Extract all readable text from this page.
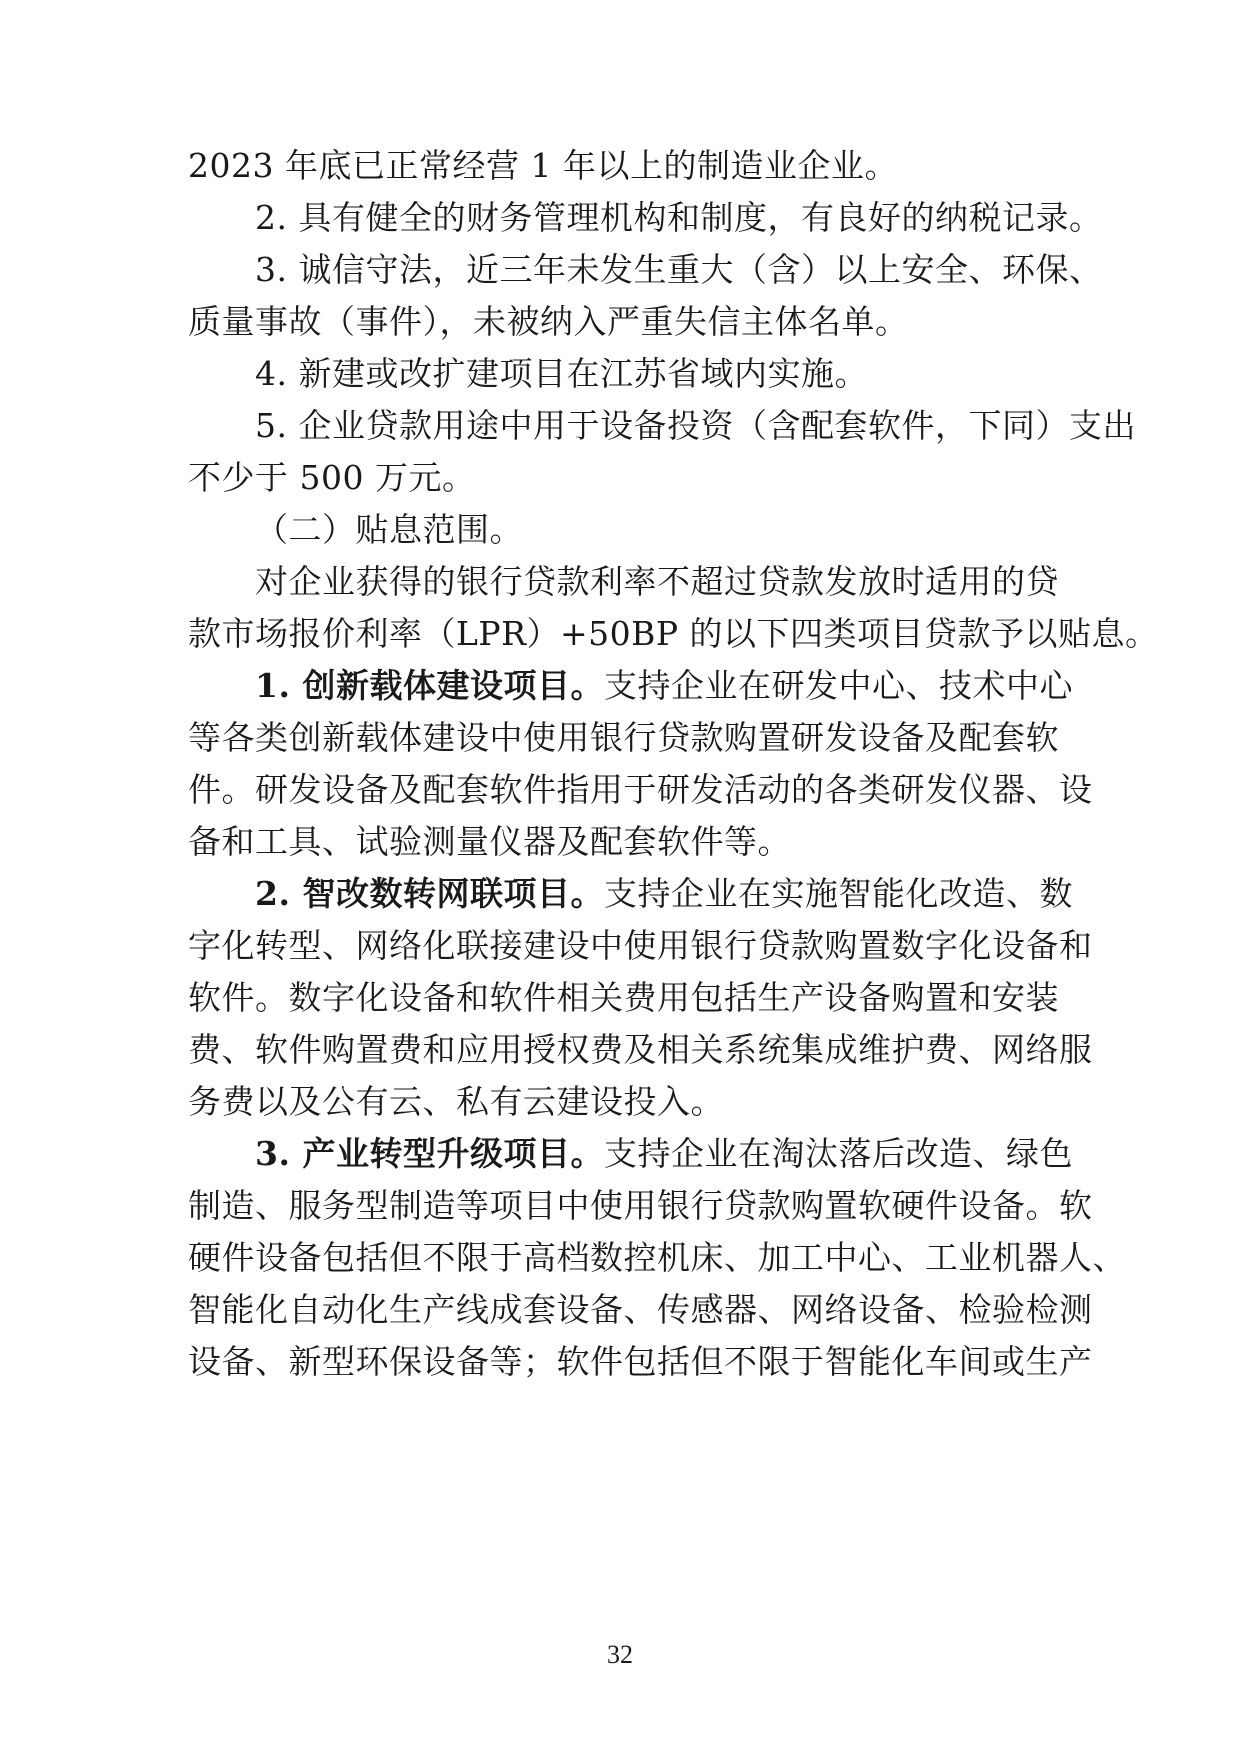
2023 年底已正常经营 1 年以上的制造业企业。
2. 具有健全的财务管理机构和制度，有良好的纳税记录。
3. 诚信守法，近三年未发生重大（含）以上安全、环保、
质量事故（事件），未被纳入严重失信主体名单。
4. 新建或改扩建项目在江苏省域内实施。
5. 企业贷款用途中用于设备投资（含配套软件，下同）支出
不少于 500 万元。
（二）贴息范围。
对企业获得的银行贷款利率不超过贷款发放时适用的贷
款市场报价利率（LPR）+50BP 的以下四类项目贷款予以贴息。
1. 创新载体建设项目。支持企业在研发中心、技术中心
等各类创新载体建设中使用银行贷款购置研发设备及配套软
件。研发设备及配套软件指用于研发活动的各类研发仪器、设
备和工具、试验测量仪器及配套软件等。
2. 智改数转网联项目。支持企业在实施智能化改造、数
字化转型、网络化联接建设中使用银行贷款购置数字化设备和
软件。数字化设备和软件相关费用包括生产设备购置和安装
费、软件购置费和应用授权费及相关系统集成维护费、网络服
务费以及公有云、私有云建设投入。
3. 产业转型升级项目。支持企业在淘汰落后改造、绿色
制造、服务型制造等项目中使用银行贷款购置软硬件设备。软
硬件设备包括但不限于高档数控机床、加工中心、工业机器人、
智能化自动化生产线成套设备、传感器、网络设备、检验检测
设备、新型环保设备等；软件包括但不限于智能化车间或生产
32
